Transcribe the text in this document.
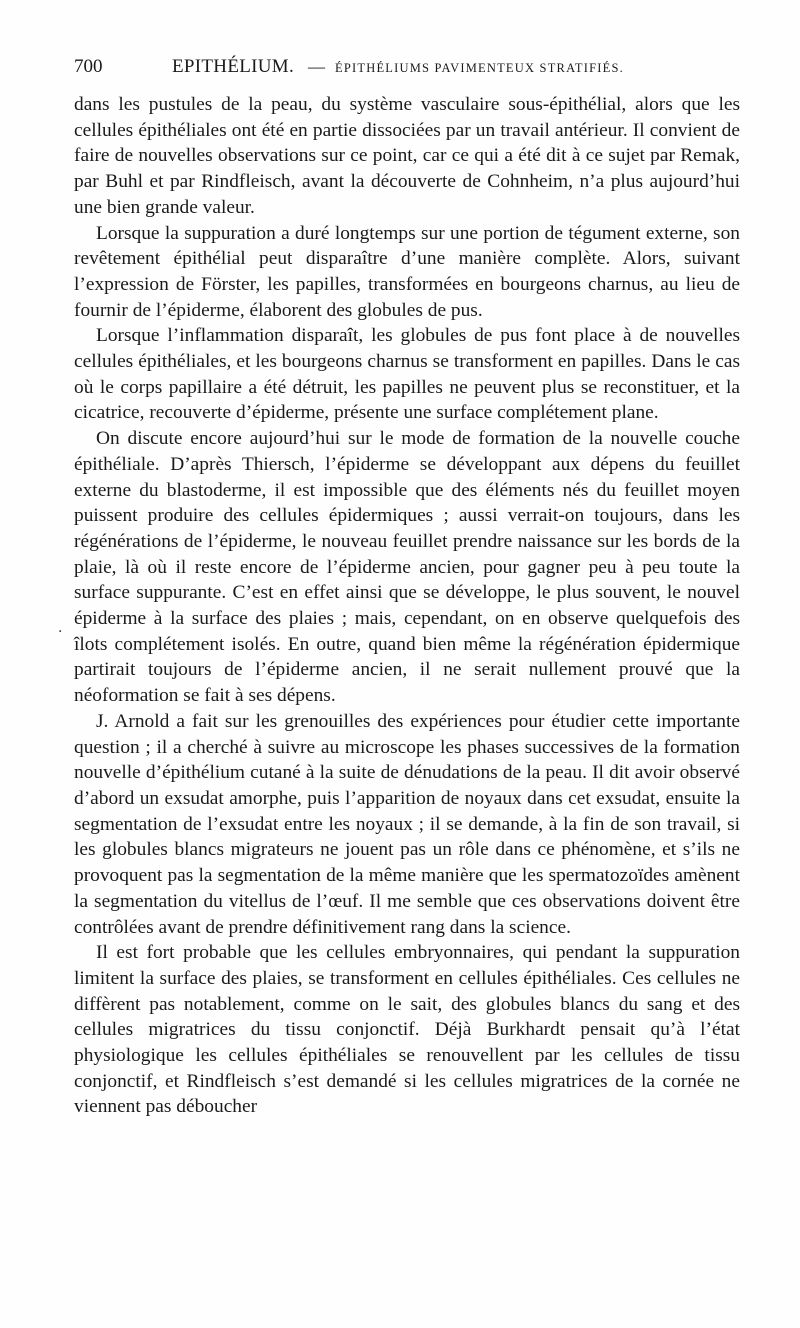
700	EPITHÉLIUM. — ÉPITHÉLIUMS PAVIMENTEUX STRATIFIÉS.

dans les pustules de la peau, du système vasculaire sous-épithélial, alors que les cellules épithéliales ont été en partie dissociées par un travail antérieur. Il convient de faire de nouvelles observations sur ce point, car ce qui a été dit à ce sujet par Remak, par Buhl et par Rindfleisch, avant la découverte de Cohnheim, n’a plus aujourd’hui une bien grande valeur.

Lorsque la suppuration a duré longtemps sur une portion de tégument externe, son revêtement épithélial peut disparaître d’une manière complète. Alors, suivant l’expression de Förster, les papilles, transformées en bourgeons charnus, au lieu de fournir de l’épiderme, élaborent des globules de pus.

Lorsque l’inflammation disparaît, les globules de pus font place à de nouvelles cellules épithéliales, et les bourgeons charnus se transforment en papilles. Dans le cas où le corps papillaire a été détruit, les papilles ne peuvent plus se reconstituer, et la cicatrice, recouverte d’épiderme, présente une surface complétement plane.

On discute encore aujourd’hui sur le mode de formation de la nouvelle couche épithéliale. D’après Thiersch, l’épiderme se développant aux dépens du feuillet externe du blastoderme, il est impossible que des éléments nés du feuillet moyen puissent produire des cellules épidermiques ; aussi verrait-on toujours, dans les régénérations de l’épiderme, le nouveau feuillet prendre naissance sur les bords de la plaie, là où il reste encore de l’épiderme ancien, pour gagner peu à peu toute la surface suppurante. C’est en effet ainsi que se développe, le plus souvent, le nouvel épiderme à la surface des plaies ; mais, cependant, on en observe quelquefois des îlots complétement isolés. En outre, quand bien même la régénération épidermique partirait toujours de l’épiderme ancien, il ne serait nullement prouvé que la néoformation se fait à ses dépens.

J. Arnold a fait sur les grenouilles des expériences pour étudier cette importante question ; il a cherché à suivre au microscope les phases successives de la formation nouvelle d’épithélium cutané à la suite de dénudations de la peau. Il dit avoir observé d’abord un exsudat amorphe, puis l’apparition de noyaux dans cet exsudat, ensuite la segmentation de l’exsudat entre les noyaux ; il se demande, à la fin de son travail, si les globules blancs migrateurs ne jouent pas un rôle dans ce phénomène, et s’ils ne provoquent pas la segmentation de la même manière que les spermatozoïdes amènent la segmentation du vitellus de l’œuf. Il me semble que ces observations doivent être contrôlées avant de prendre définitivement rang dans la science.

Il est fort probable que les cellules embryonnaires, qui pendant la suppuration limitent la surface des plaies, se transforment en cellules épithéliales. Ces cellules ne diffèrent pas notablement, comme on le sait, des globules blancs du sang et des cellules migratrices du tissu conjonctif. Déjà Burkhardt pensait qu’à l’état physiologique les cellules épithéliales se renouvellent par les cellules de tissu conjonctif, et Rindfleisch s’est demandé si les cellules migratrices de la cornée ne viennent pas déboucher

·
